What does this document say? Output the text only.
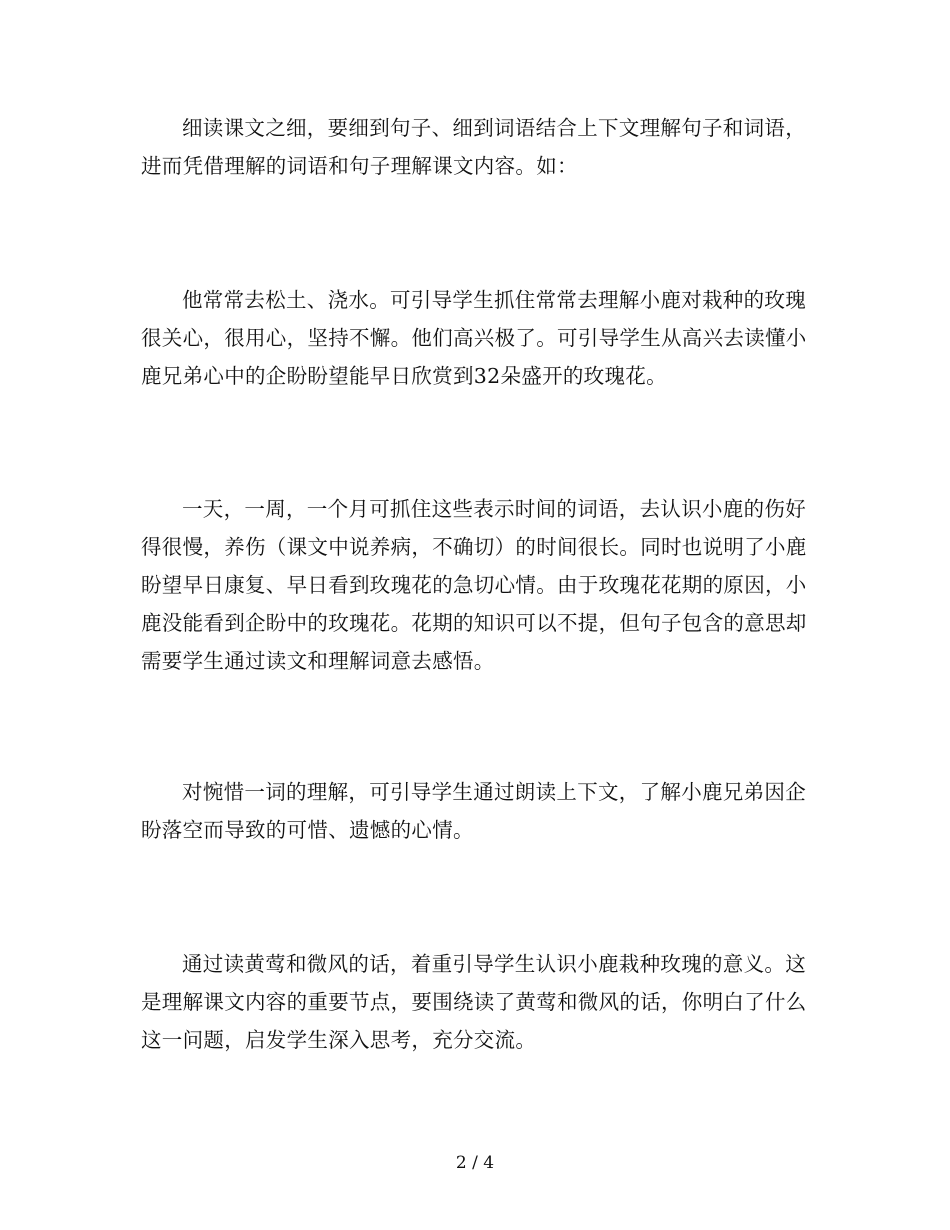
细读课文之细，要细到句子、细到词语结合上下文理解句子和词语，进而凭借理解的词语和句子理解课文内容。如：

他常常去松土、浇水。可引导学生抓住常常去理解小鹿对栽种的玫瑰很关心，很用心，坚持不懈。他们高兴极了。可引导学生从高兴去读懂小鹿兄弟心中的企盼盼望能早日欣赏到32朵盛开的玫瑰花。

一天，一周，一个月可抓住这些表示时间的词语，去认识小鹿的伤好得很慢，养伤（课文中说养病，不确切）的时间很长。同时也说明了小鹿盼望早日康复、早日看到玫瑰花的急切心情。由于玫瑰花花期的原因，小鹿没能看到企盼中的玫瑰花。花期的知识可以不提，但句子包含的意思却需要学生通过读文和理解词意去感悟。

对惋惜一词的理解，可引导学生通过朗读上下文，了解小鹿兄弟因企盼落空而导致的可惜、遗憾的心情。

通过读黄莺和微风的话，着重引导学生认识小鹿栽种玫瑰的意义。这是理解课文内容的重要节点，要围绕读了黄莺和微风的话，你明白了什么这一问题，启发学生深入思考，充分交流。

2 / 4
